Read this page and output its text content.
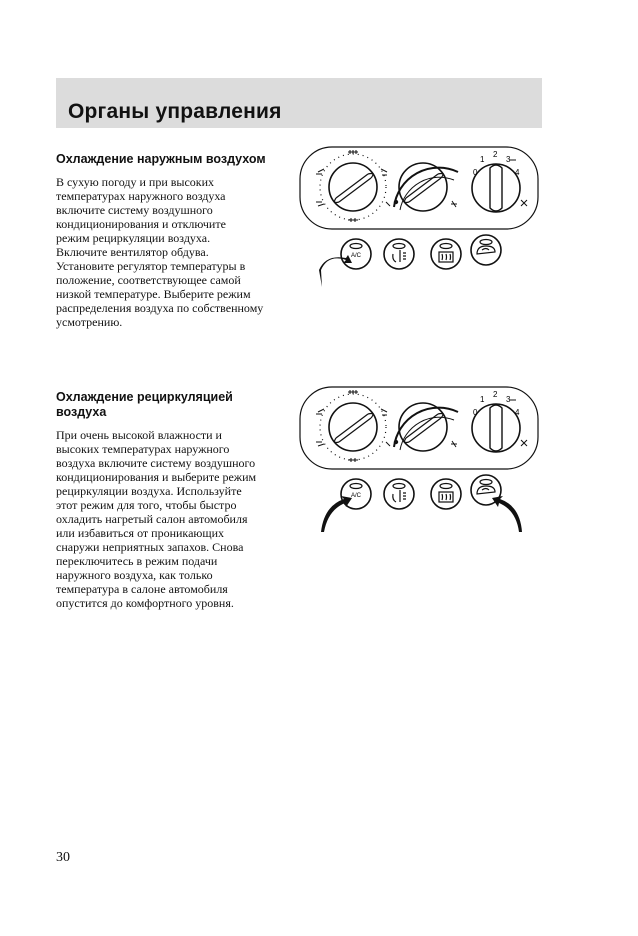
Органы управления
Охлаждение наружным воздухом

В сухую погоду и при высоких
температурах наружного воздуха
включите систему воздушного
кондиционирования и отключите
режим рециркуляции воздуха.
Включите вентилятор обдува.
Установите регулятор температуры в
положение, соответствующее самой
низкой температуре. Выберите режим
распределения воздуха по собственному
усмотрению.

Охлаждение рециркуляцией
воздуха

При очень высокой влажности и
высоких температурах наружного
воздуха включите систему воздушного
кондиционирования и выберите режим
рециркуляции воздуха. Используйте
этот режим для того, чтобы быстро
охладить нагретый салон автомобиля
или избавиться от проникающих
снаружи неприятных запахов. Снова
переключитесь в режим подачи
наружного воздуха, как только
температура в салоне автомобиля
опустится до комфортного уровня.

A/C
0
1
2
3
4
A/C
0
1
2
3
4
30
